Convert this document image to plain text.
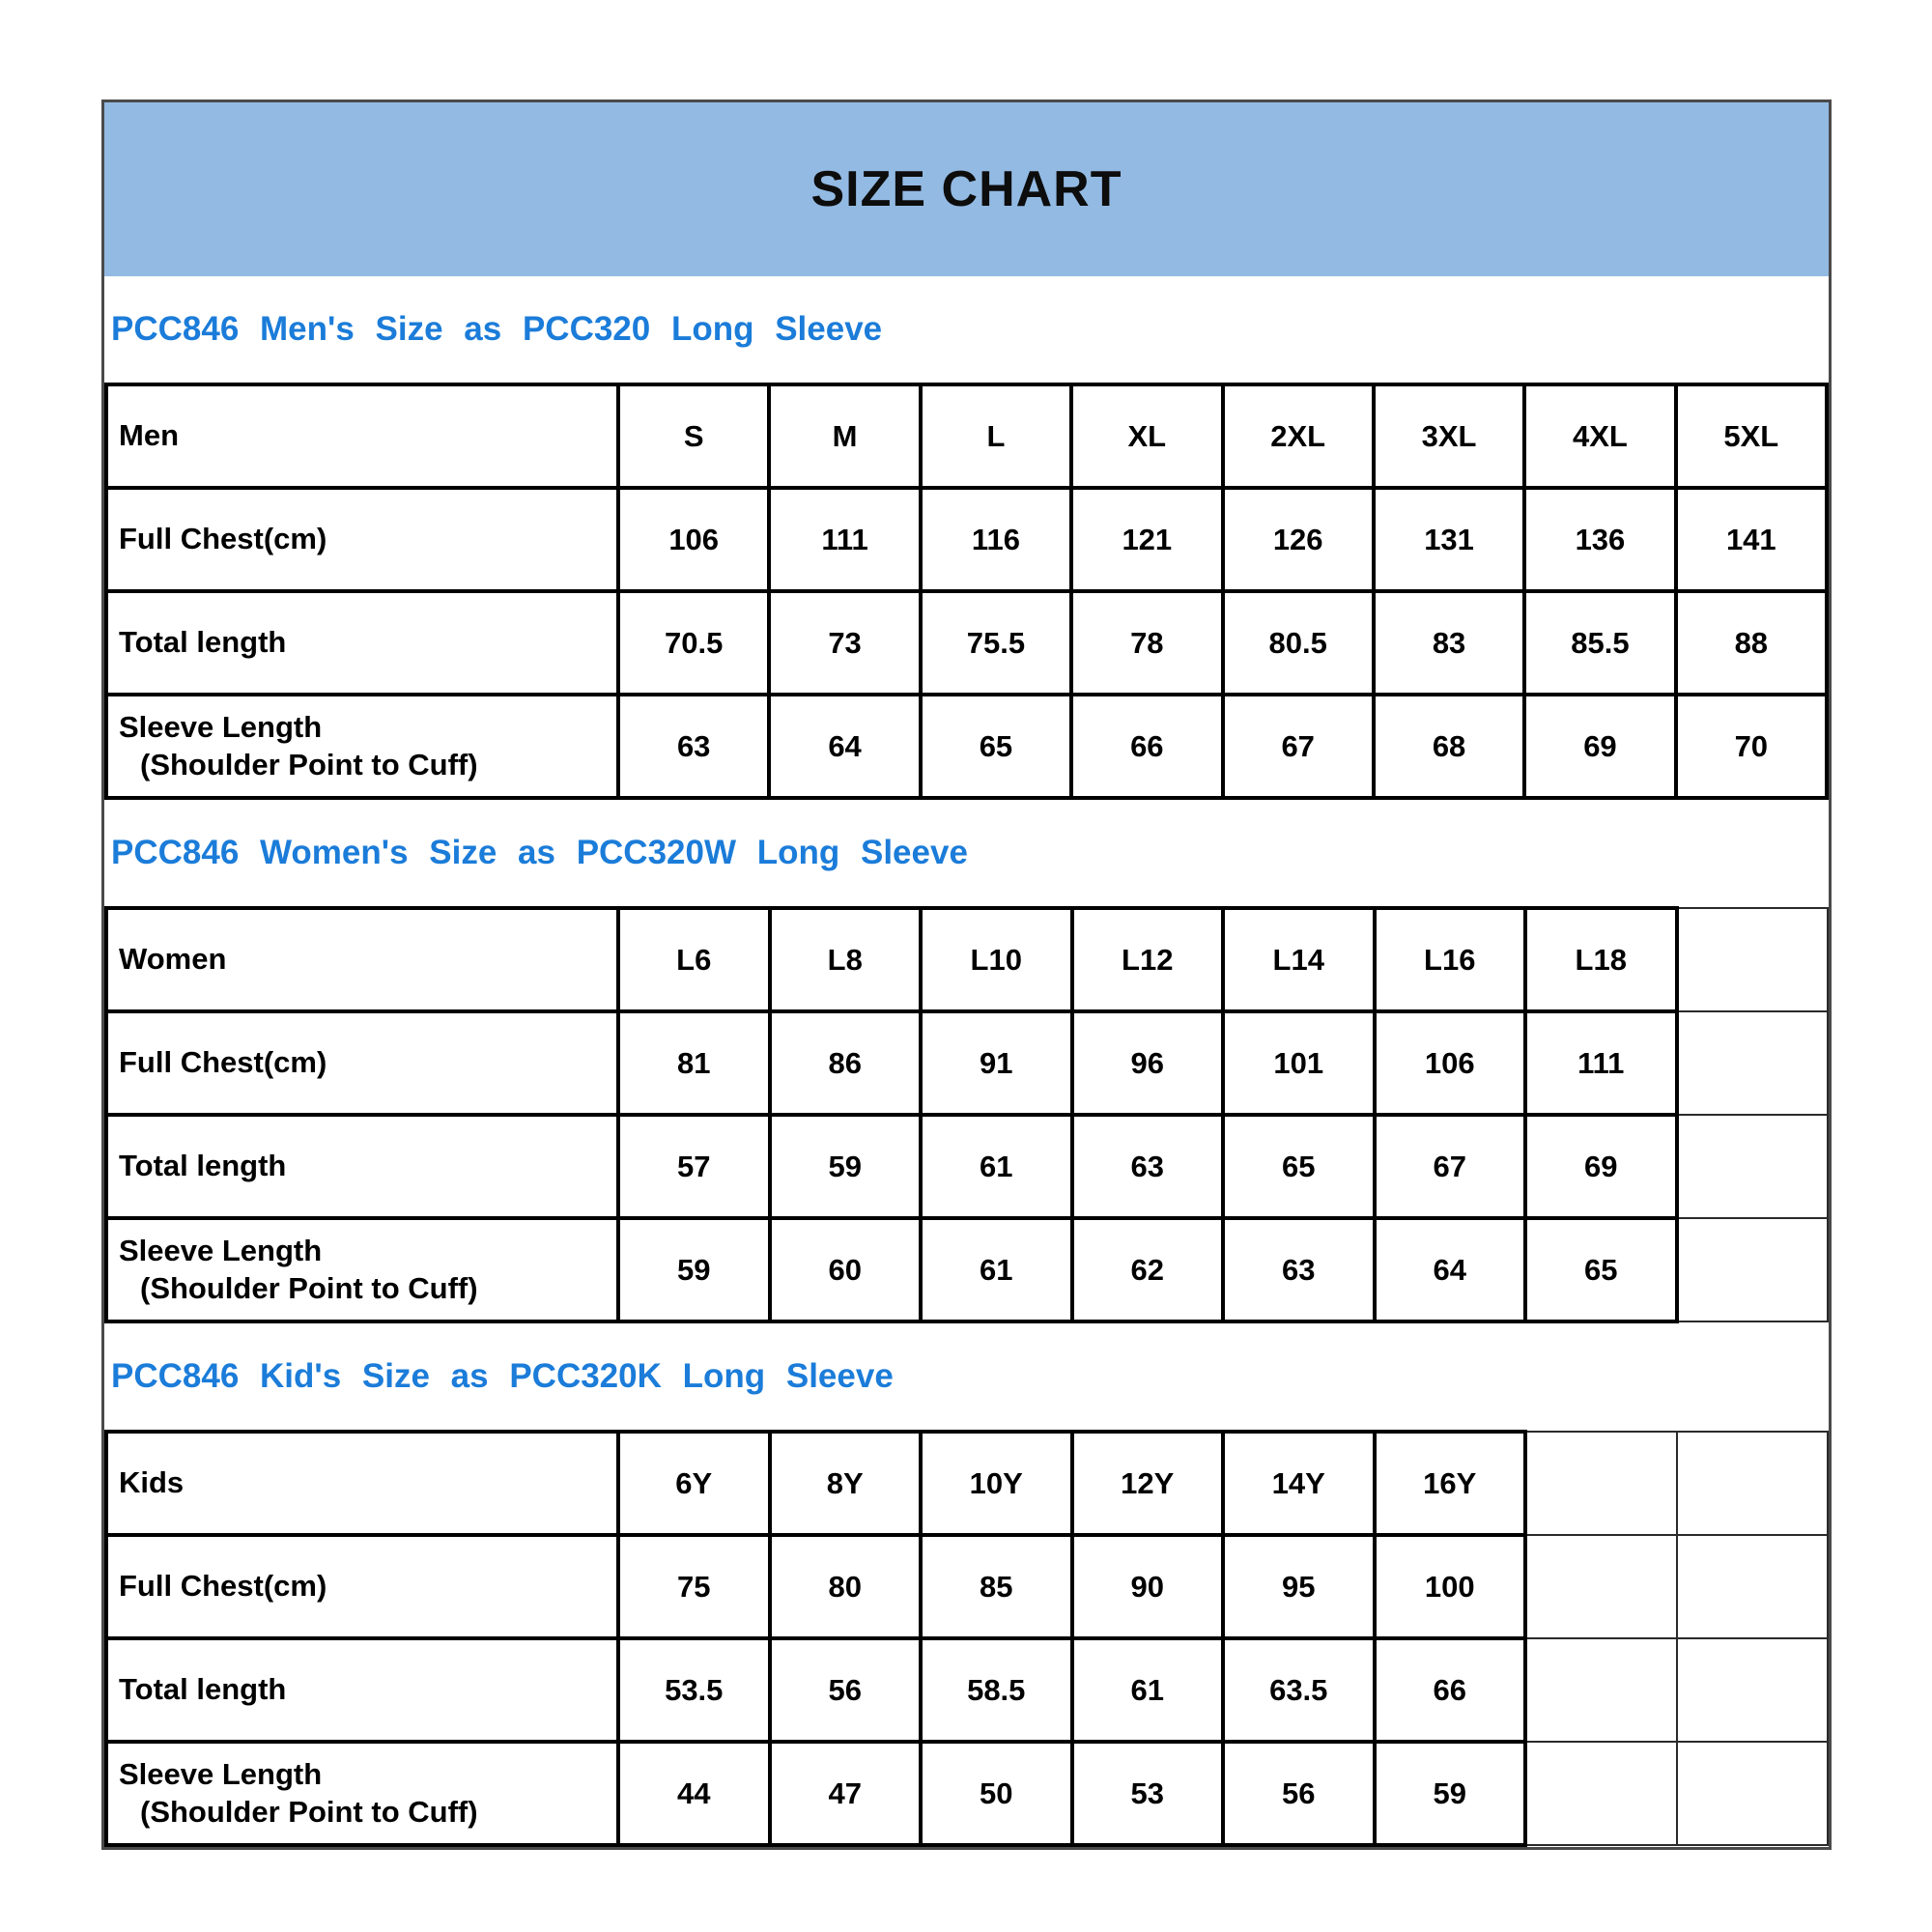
SIZE CHART
PCC846 Men's Size as PCC320 Long Sleeve
Men	S	M	L	XL	2XL	3XL	4XL	5XL
Full Chest(cm)	106	111	116	121	126	131	136	141
Total length	70.5	73	75.5	78	80.5	83	85.5	88

Sleeve Length
(Shoulder Point to Cuff)	63	64	65	66	67	68	69	70
PCC846 Women's Size as PCC320W Long Sleeve
Women	L6	L8	L10	L12	L14	L16	L18	
Full Chest(cm)	81	86	91	96	101	106	111	
Total length	57	59	61	63	65	67	69	

Sleeve Length
(Shoulder Point to Cuff)	59	60	61	62	63	64	65	
PCC846 Kid's Size as PCC320K Long Sleeve
Kids	6Y	8Y	10Y	12Y	14Y	16Y		
Full Chest(cm)	75	80	85	90	95	100		
Total length	53.5	56	58.5	61	63.5	66		

Sleeve Length
(Shoulder Point to Cuff)	44	47	50	53	56	59		
